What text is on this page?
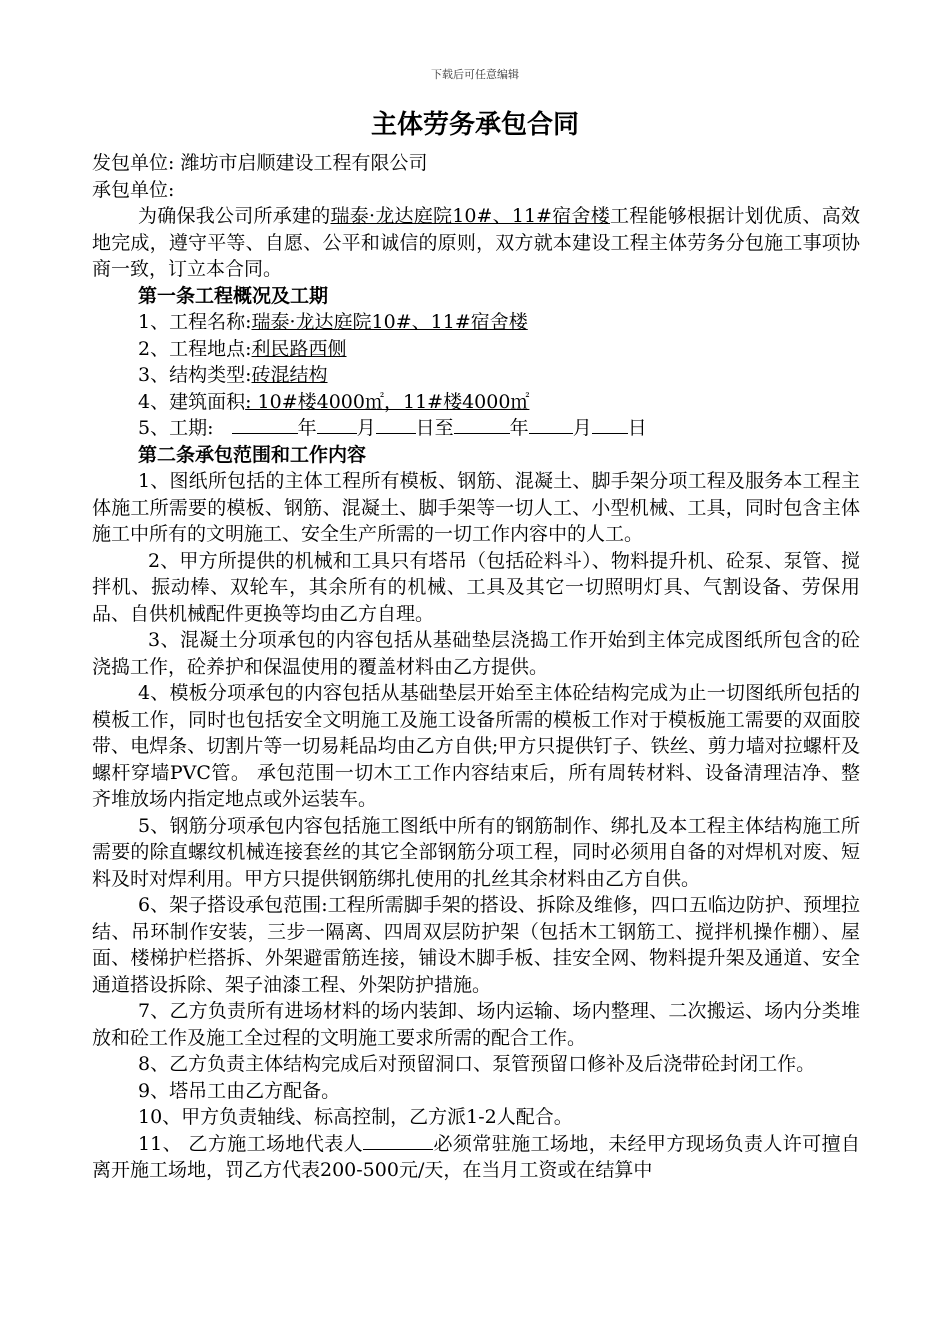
下载后可任意编辑
主体劳务承包合同

发包单位: 潍坊市启顺建设工程有限公司

承包单位:

为确保我公司所承建的瑞泰·龙达庭院10#、11#宿舍楼工程能够根据计划优质、高效地完成，遵守平等、自愿、公平和诚信的原则，双方就本建设工程主体劳务分包施工事项协商一致，订立本合同。

第一条工程概况及工期

1、工程名称:瑞泰·龙达庭院10#、11#宿舍楼

2、工程地点:利民路西侧

3、结构类型:砖混结构

4、建筑面积: 10#楼4000㎡，11#楼4000㎡

5、工期:	年 月 日至	年 月 日

第二条承包范围和工作内容

1、图纸所包括的主体工程所有模板、钢筋、混凝土、脚手架分项工程及服务本工程主体施工所需要的模板、钢筋、混凝土、脚手架等一切人工、小型机械、工具，同时包含主体施工中所有的文明施工、安全生产所需的一切工作内容中的人工。

2、甲方所提供的机械和工具只有塔吊（包括砼料斗）、物料提升机、砼泵、泵管、搅拌机、振动棒、双轮车，其余所有的机械、工具及其它一切照明灯具、气割设备、劳保用品、自供机械配件更换等均由乙方自理。

3、混凝土分项承包的内容包括从基础垫层浇捣工作开始到主体完成图纸所包含的砼浇捣工作，砼养护和保温使用的覆盖材料由乙方提供。

4、模板分项承包的内容包括从基础垫层开始至主体砼结构完成为止一切图纸所包括的模板工作，同时也包括安全文明施工及施工设备所需的模板工作对于模板施工需要的双面胶带、电焊条、切割片等一切易耗品均由乙方自供;甲方只提供钉子、铁丝、剪力墙对拉螺杆及螺杆穿墙PVC管。 承包范围一切木工工作内容结束后，所有周转材料、设备清理洁净、整齐堆放场内指定地点或外运装车。

5、钢筋分项承包内容包括施工图纸中所有的钢筋制作、绑扎及本工程主体结构施工所需要的除直螺纹机械连接套丝的其它全部钢筋分项工程，同时必须用自备的对焊机对废、短料及时对焊利用。甲方只提供钢筋绑扎使用的扎丝其余材料由乙方自供。

6、架子搭设承包范围:工程所需脚手架的搭设、拆除及维修，四口五临边防护、预埋拉结、吊环制作安装，三步一隔离、四周双层防护架（包括木工钢筋工、搅拌机操作棚）、屋面、楼梯护栏搭拆、外架避雷筋连接，铺设木脚手板、挂安全网、物料提升架及通道、安全通道搭设拆除、架子油漆工程、外架防护措施。

7、乙方负责所有进场材料的场内装卸、场内运输、场内整理、二次搬运、场内分类堆放和砼工作及施工全过程的文明施工要求所需的配合工作。

8、乙方负责主体结构完成后对预留洞口、泵管预留口修补及后浇带砼封闭工作。

9、塔吊工由乙方配备。

10、甲方负责轴线、标高控制，乙方派1-2人配合。

11、 乙方施工场地代表人	必须常驻施工场地，未经甲方现场负责人许可擅自离开施工场地，罚乙方代表200-500元/天，在当月工资或在结算中
